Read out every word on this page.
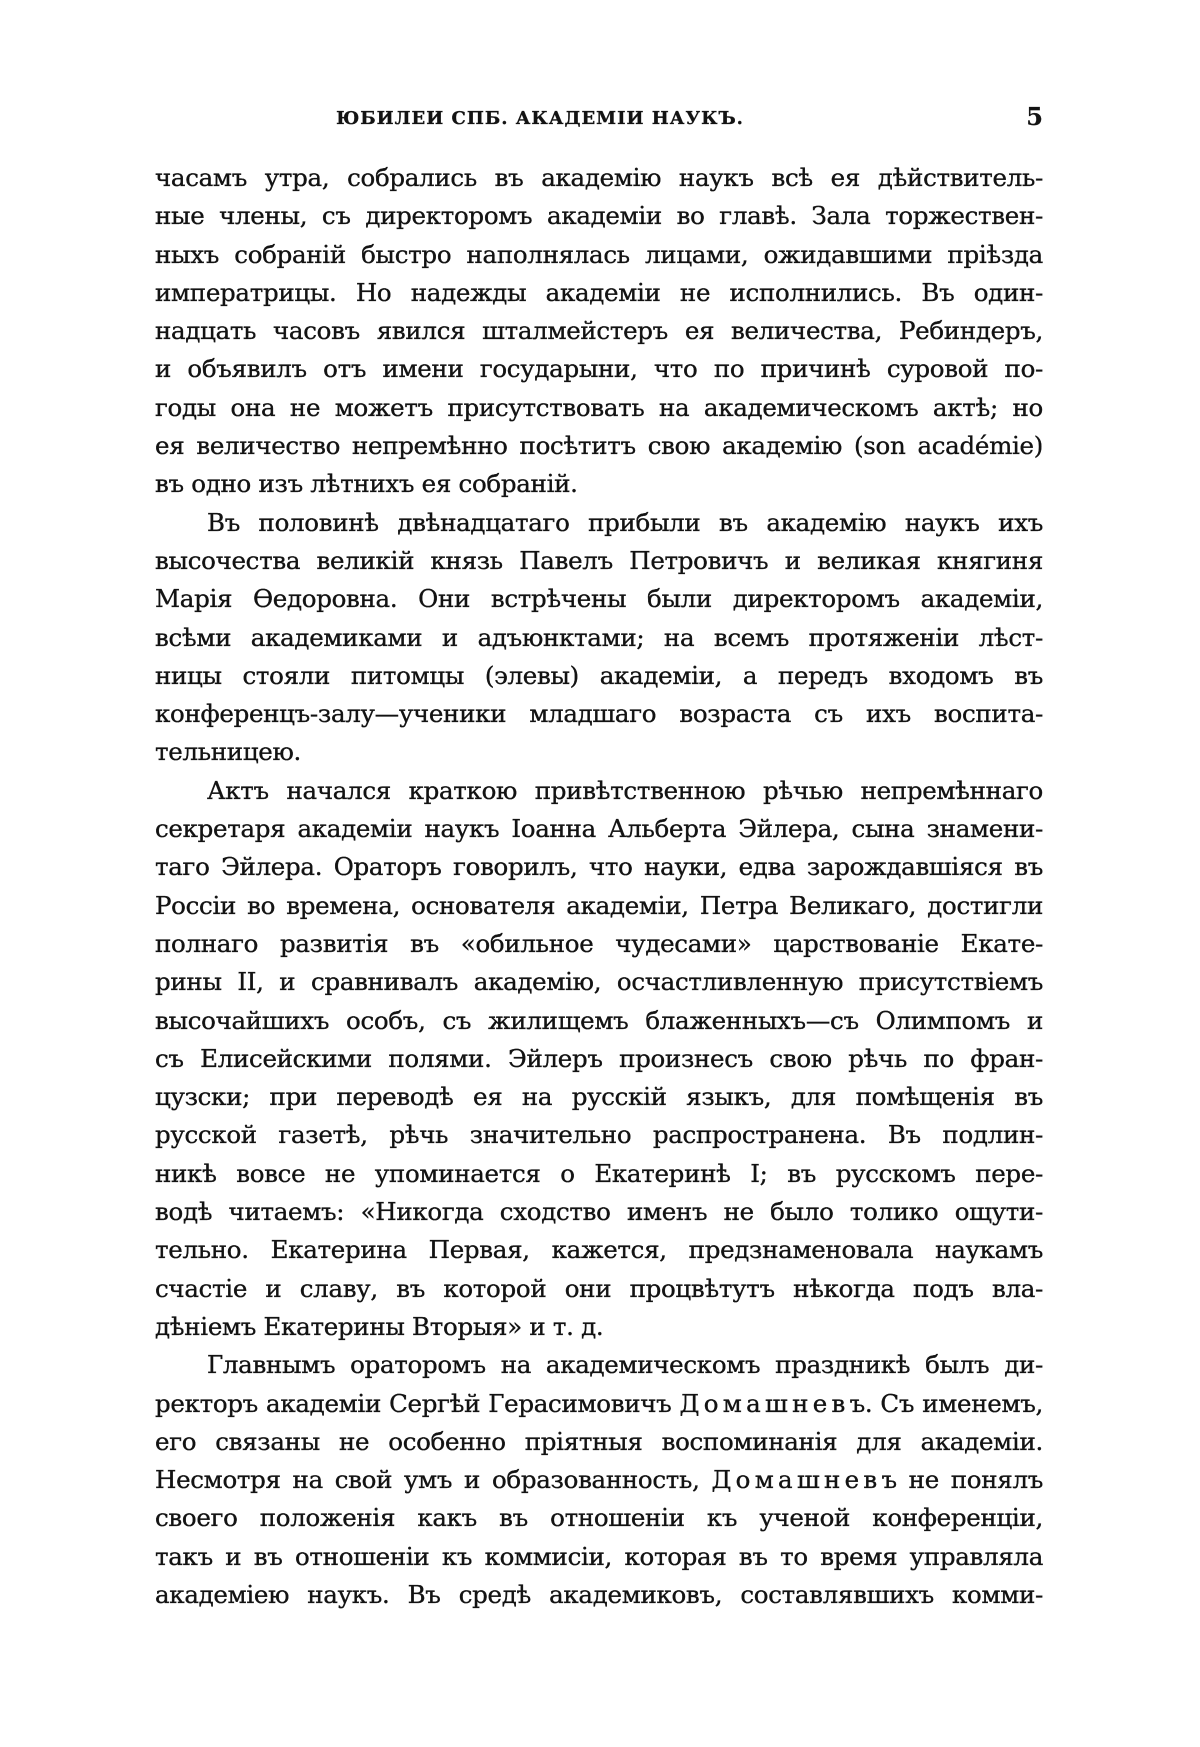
ЮБИЛЕИ СПБ. АКАДЕМІИ НАУКЪ.	5
часамъ утра, собрались въ академію наукъ всѣ ея дѣйствитель-
ные члены, съ директоромъ академіи во главѣ. Зала торжествен-
ныхъ собраній быстро наполнялась лицами, ожидавшими пріѣзда
императрицы. Но надежды академіи не исполнились. Въ один-
надцать часовъ явился шталмейстеръ ея величества, Ребиндеръ,
и объявилъ отъ имени государыни, что по причинѣ суровой по-
годы она не можетъ присутствовать на академическомъ актѣ; но
ея величество непремѣнно посѣтитъ свою академію (son académie)
въ одно изъ лѣтнихъ ея собраній.
Въ половинѣ двѣнадцатаго прибыли въ академію наукъ ихъ
высочества великій князь Павелъ Петровичъ и великая княгиня
Марія Ѳедоровна. Они встрѣчены были директоромъ академіи,
всѣми академиками и адъюнктами; на всемъ протяженіи лѣст-
ницы стояли питомцы (элевы) академіи, а передъ входомъ въ
конференцъ-залу—ученики младшаго возраста съ ихъ воспита-
тельницею.
Актъ начался краткою привѣтственною рѣчью непремѣннаго
секретаря академіи наукъ Іоанна Альберта Эйлера, сына знамени-
таго Эйлера. Ораторъ говорилъ, что науки, едва зарождавшіяся въ
Россіи во времена, основателя академіи, Петра Великаго, достигли
полнаго развитія въ «обильное чудесами» царствованіе Екате-
рины II, и сравнивалъ академію, осчастливленную присутствіемъ
высочайшихъ особъ, съ жилищемъ блаженныхъ—съ Олимпомъ и
съ Елисейскими полями. Эйлеръ произнесъ свою рѣчь по фран-
цузски; при переводѣ ея на русскій языкъ, для помѣщенія въ
русской газетѣ, рѣчь значительно распространена. Въ подлин-
никѣ вовсе не упоминается о Екатеринѣ I; въ русскомъ пере-
водѣ читаемъ: «Никогда сходство именъ не было толико ощути-
тельно. Екатерина Первая, кажется, предзнаменовала наукамъ
счастіе и славу, въ которой они процвѣтутъ нѣкогда подъ вла-
дѣніемъ Екатерины Вторыя» и т. д.
Главнымъ ораторомъ на академическомъ праздникѣ былъ ди-
ректоръ академіи Сергѣй Герасимовичъ Д о м а ш н е в ъ. Съ именемъ,
его связаны не особенно пріятныя воспоминанія для академіи.
Несмотря на свой умъ и образованность, Д о м а ш н е в ъ не понялъ
своего положенія какъ въ отношеніи къ ученой конференціи,
такъ и въ отношеніи къ коммисіи, которая въ то время управляла
академіею наукъ. Въ средѣ академиковъ, составлявшихъ комми-
